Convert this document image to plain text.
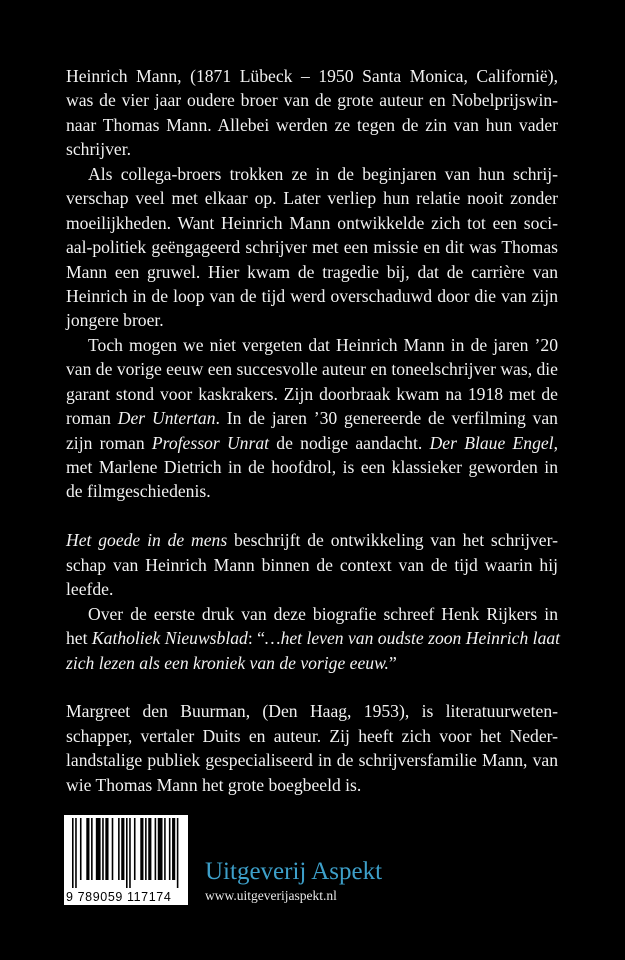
Heinrich Mann, (1871 Lübeck – 1950 Santa Monica, Californië),
was de vier jaar oudere broer van de grote auteur en Nobelprijswin-
naar Thomas Mann. Allebei werden ze tegen de zin van hun vader
schrijver.
Als collega-broers trokken ze in de beginjaren van hun schrij-
verschap veel met elkaar op. Later verliep hun relatie nooit zonder
moeilijkheden. Want Heinrich Mann ontwikkelde zich tot een soci-
aal-politiek geëngageerd schrijver met een missie en dit was Thomas
Mann een gruwel. Hier kwam de tragedie bij, dat de carrière van
Heinrich in de loop van de tijd werd overschaduwd door die van zijn
jongere broer.
Toch mogen we niet vergeten dat Heinrich Mann in de jaren ’20
van de vorige eeuw een succesvolle auteur en toneelschrijver was, die
garant stond voor kaskrakers. Zijn doorbraak kwam na 1918 met de
roman Der Untertan. In de jaren ’30 genereerde de verfilming van
zijn roman Professor Unrat de nodige aandacht. Der Blaue Engel,
met Marlene Dietrich in de hoofdrol, is een klassieker geworden in
de filmgeschiedenis.
Het goede in de mens beschrijft de ontwikkeling van het schrijver-
schap van Heinrich Mann binnen de context van de tijd waarin hij
leefde.
Over de eerste druk van deze biografie schreef Henk Rijkers in
het Katholiek Nieuwsblad: “…het leven van oudste zoon Heinrich laat
zich lezen als een kroniek van de vorige eeuw.”
Margreet den Buurman, (Den Haag, 1953), is literatuurweten-
schapper, vertaler Duits en auteur. Zij heeft zich voor het Neder-
landstalige publiek gespecialiseerd in de schrijversfamilie Mann, van
wie Thomas Mann het grote boegbeeld is.
9 789059 117174
Uitgeverij Aspekt
www.uitgeverijaspekt.nl
